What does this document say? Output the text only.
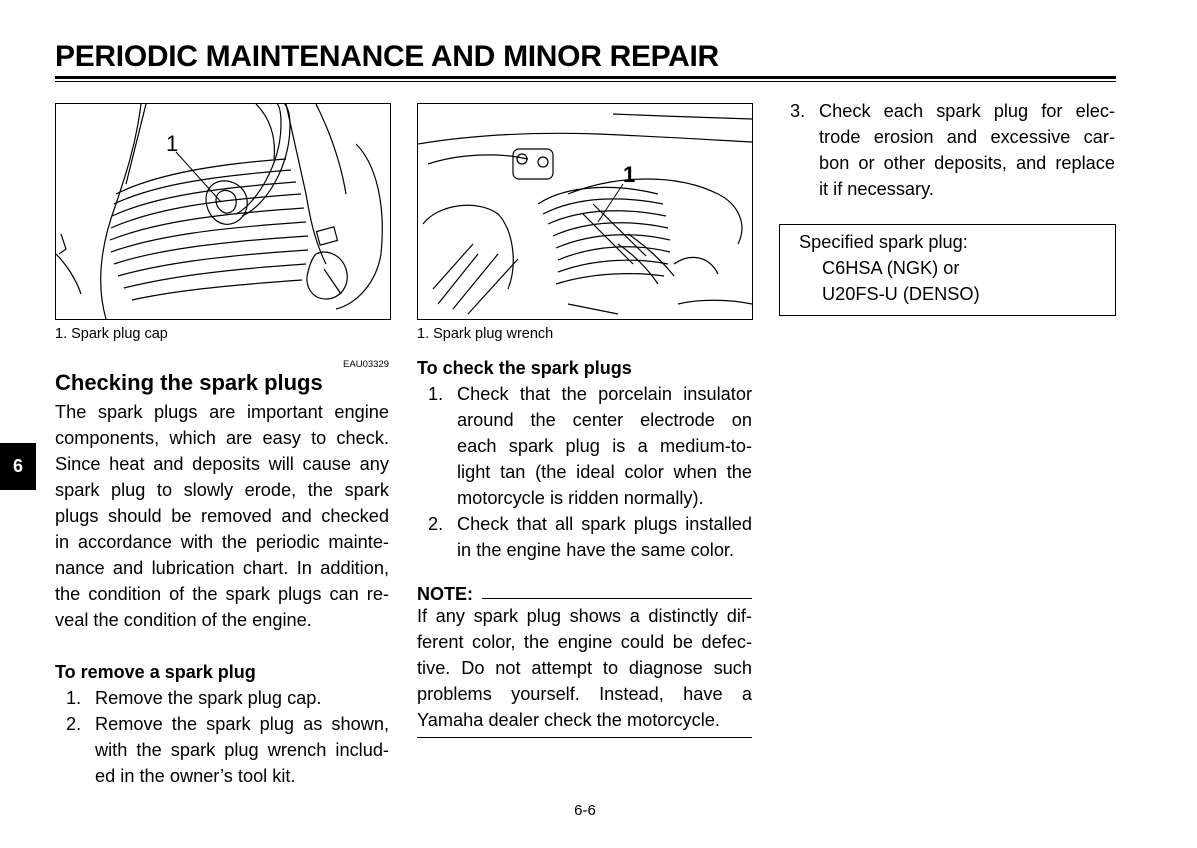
PERIODIC MAINTENANCE AND MINOR REPAIR
1
1. Spark plug cap
1
1. Spark plug wrench
EAU03329
Checking the spark plugs
The spark plugs are important engine
components, which are easy to check.
Since heat and deposits will cause any
spark plug to slowly erode, the spark
plugs should be removed and checked
in accordance with the periodic mainte-
nance and lubrication chart. In addition,
the condition of the spark plugs can re-
veal the condition of the engine.
To remove a spark plug
1. Remove the spark plug cap.
2. Remove the spark plug as shown,
with the spark plug wrench includ-
ed in the owner’s tool kit.
To check the spark plugs
1. Check that the porcelain insulator
around the center electrode on
each spark plug is a medium-to-
light tan (the ideal color when the
motorcycle is ridden normally).
2. Check that all spark plugs installed
in the engine have the same color.
NOTE:
If any spark plug shows a distinctly dif-
ferent color, the engine could be defec-
tive. Do not attempt to diagnose such
problems yourself. Instead, have a
Yamaha dealer check the motorcycle.
3. Check each spark plug for elec-
trode erosion and excessive car-
bon or other deposits, and replace
it if necessary.
Specified spark plug:
C6HSA (NGK) or
U20FS-U (DENSO)
6
6-6
